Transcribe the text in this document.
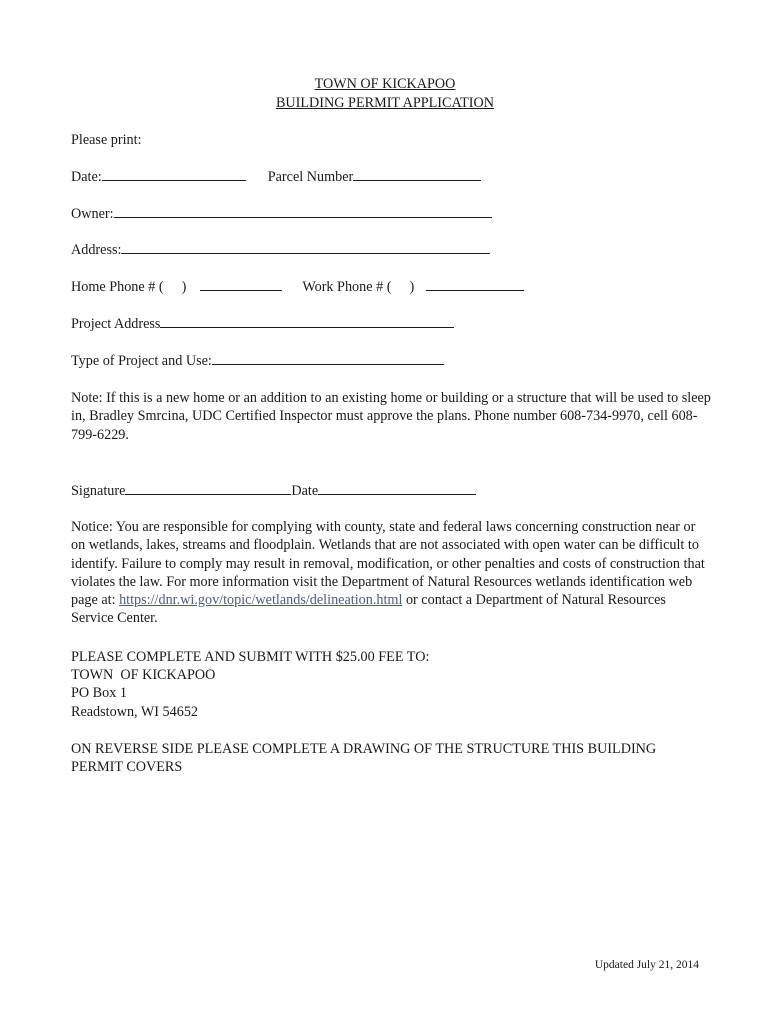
TOWN OF KICKAPOO
BUILDING PERMIT APPLICATION
Please print:
Date:	Parcel Number
Owner:
Address:
Home Phone # ( )	Work Phone # ( )
Project Address
Type of Project and Use:
Note: If this is a new home or an addition to an existing home or building or a structure that will be used to sleep in, Bradley Smrcina, UDC Certified Inspector must approve the plans. Phone number 608-734-9970, cell 608-799-6229.
Signature	Date
Notice: You are responsible for complying with county, state and federal laws concerning construction near or on wetlands, lakes, streams and floodplain. Wetlands that are not associated with open water can be difficult to identify. Failure to comply may result in removal, modification, or other penalties and costs of construction that violates the law. For more information visit the Department of Natural Resources wetlands identification web page at: https://dnr.wi.gov/topic/wetlands/delineation.html or contact a Department of Natural Resources Service Center.
PLEASE COMPLETE AND SUBMIT WITH $25.00 FEE TO:
TOWN  OF KICKAPOO
PO Box 1
Readstown, WI 54652
ON REVERSE SIDE PLEASE COMPLETE A DRAWING OF THE STRUCTURE THIS BUILDING PERMIT COVERS
Updated July 21, 2014
